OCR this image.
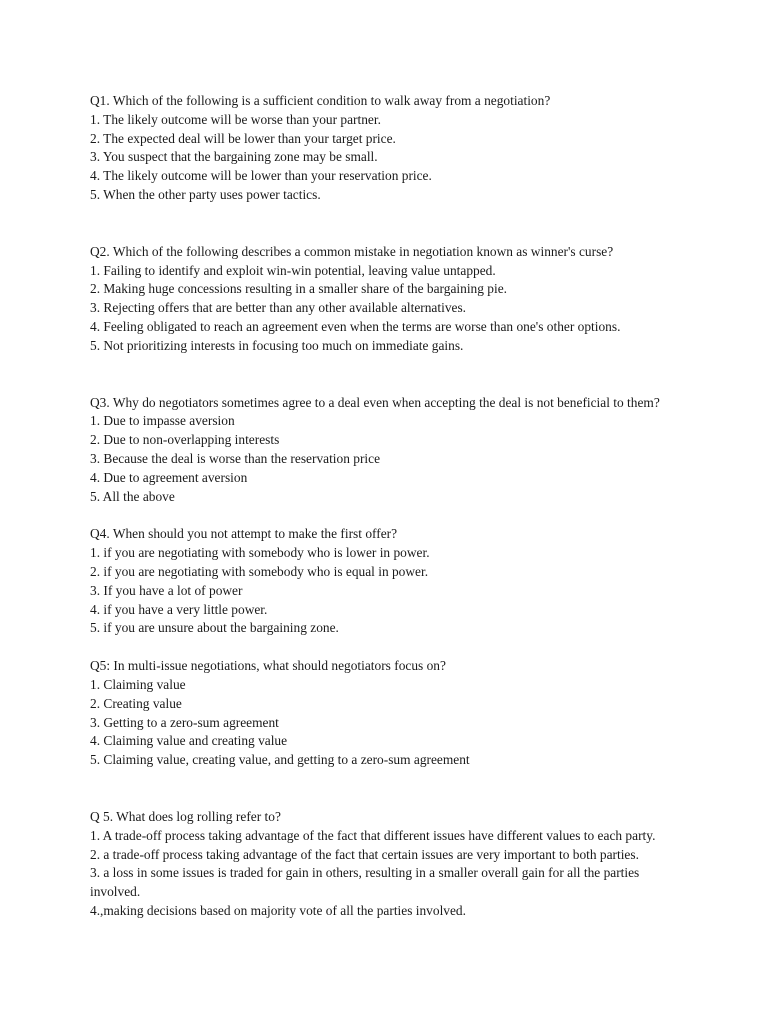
Q1. Which of the following is a sufficient condition to walk away from a negotiation?
1. The likely outcome will be worse than your partner.
2. The expected deal will be lower than your target price.
3. You suspect that the bargaining zone may be small.
4. The likely outcome will be lower than your reservation price.
5. When the other party uses power tactics.
Q2. Which of the following describes a common mistake in negotiation known as winner's curse?
1. Failing to identify and exploit win-win potential, leaving value untapped.
2. Making huge concessions resulting in a smaller share of the bargaining pie.
3. Rejecting offers that are better than any other available alternatives.
4. Feeling obligated to reach an agreement even when the terms are worse than one's other options.
5. Not prioritizing interests in focusing too much on immediate gains.
Q3. Why do negotiators sometimes agree to a deal even when accepting the deal is not beneficial to them?
1. Due to impasse aversion
2. Due to non-overlapping interests
3. Because the deal is worse than the reservation price
4. Due to agreement aversion
5. All the above
Q4. When should you not attempt to make the first offer?
1. if you are negotiating with somebody who is lower in power.
2. if you are negotiating with somebody who is equal in power.
3. If you have a lot of power
4. if you have a very little power.
5. if you are unsure about the bargaining zone.
Q5: In multi-issue negotiations, what should negotiators focus on?
1. Claiming value
2. Creating value
3. Getting to a zero-sum agreement
4. Claiming value and creating value
5. Claiming value, creating value, and getting to a zero-sum agreement
Q 5. What does log rolling refer to?
1. A trade-off process taking advantage of the fact that different issues have different values to each party.
2. a trade-off process taking advantage of the fact that certain issues are very important to both parties.
3. a loss in some issues is traded for gain in others, resulting in a smaller overall gain for all the parties involved.
4.,making decisions based on majority vote of all the parties involved.
